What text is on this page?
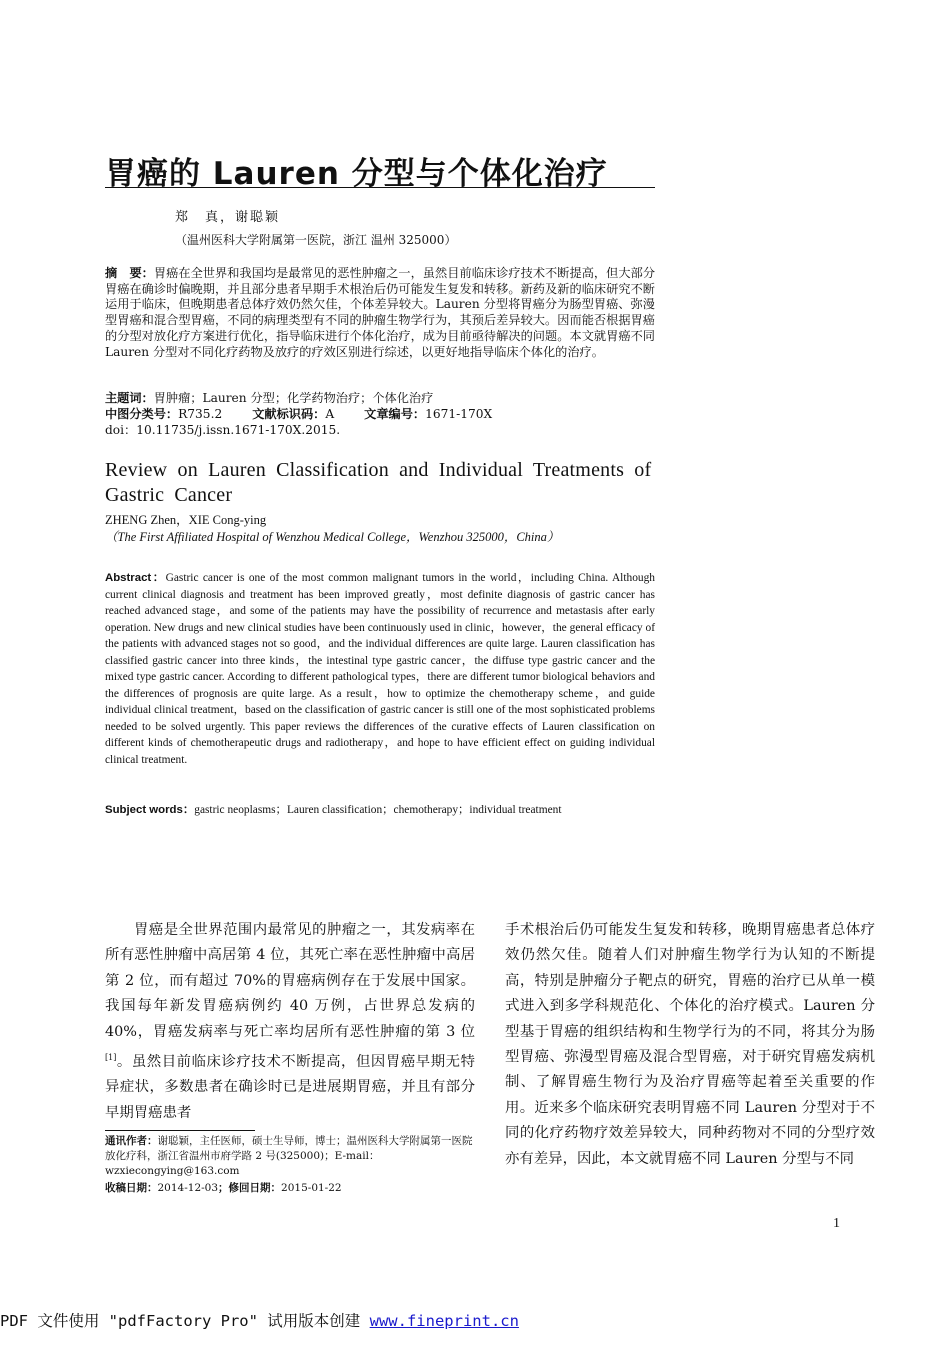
胃癌的 Lauren 分型与个体化治疗
郑　真，谢聪颖
（温州医科大学附属第一医院，浙江 温州 325000）
摘　要：胃癌在全世界和我国均是最常见的恶性肿瘤之一，虽然目前临床诊疗技术不断提高，但大部分胃癌在确诊时偏晚期，并且部分患者早期手术根治后仍可能发生复发和转移。新药及新的临床研究不断运用于临床，但晚期患者总体疗效仍然欠佳，个体差异较大。Lauren 分型将胃癌分为肠型胃癌、弥漫型胃癌和混合型胃癌，不同的病理类型有不同的肿瘤生物学行为，其预后差异较大。因而能否根据胃癌的分型对放化疗方案进行优化，指导临床进行个体化治疗，成为目前亟待解决的问题。本文就胃癌不同 Lauren 分型对不同化疗药物及放疗的疗效区别进行综述，以更好地指导临床个体化的治疗。
主题词：胃肿瘤；Lauren 分型；化学药物治疗；个体化治疗
中图分类号：R735.2 文献标识码：A 文章编号：1671-170X
doi：10.11735/j.issn.1671-170X.2015.
Review on Lauren Classification and Individual Treatments of Gastric Cancer
ZHENG Zhen，XIE Cong-ying
（The First Affiliated Hospital of Wenzhou Medical College，Wenzhou 325000，China）
Abstract：Gastric cancer is one of the most common malignant tumors in the world，including China. Although current clinical diagnosis and treatment has been improved greatly，most definite diagnosis of gastric cancer has reached advanced stage，and some of the patients may have the possibility of recurrence and metastasis after early operation. New drugs and new clinical studies have been continuously used in clinic，however，the general efficacy of the patients with advanced stages not so good，and the individual differences are quite large. Lauren classification has classified gastric cancer into three kinds，the intestinal type gastric cancer，the diffuse type gastric cancer and the mixed type gastric cancer. According to different pathological types，there are different tumor biological behaviors and the differences of prognosis are quite large. As a result，how to optimize the chemotherapy scheme，and guide individual clinical treatment，based on the classification of gastric cancer is still one of the most sophisticated problems needed to be solved urgently. This paper reviews the differences of the curative effects of Lauren classification on different kinds of chemotherapeutic drugs and radiotherapy，and hope to have efficient effect on guiding individual clinical treatment.
Subject words：gastric neoplasms；Lauren classification；chemotherapy；individual treatment
胃癌是全世界范围内最常见的肿瘤之一，其发病率在所有恶性肿瘤中高居第 4 位，其死亡率在恶性肿瘤中高居第 2 位，而有超过 70%的胃癌病例存在于发展中国家。我国每年新发胃癌病例约 40 万例，占世界总发病的 40%，胃癌发病率与死亡率均居所有恶性肿瘤的第 3 位[1]。虽然目前临床诊疗技术不断提高，但因胃癌早期无特异症状，多数患者在确诊时已是进展期胃癌，并且有部分早期胃癌患者
手术根治后仍可能发生复发和转移，晚期胃癌患者总体疗效仍然欠佳。随着人们对肿瘤生物学行为认知的不断提高，特别是肿瘤分子靶点的研究，胃癌的治疗已从单一模式进入到多学科规范化、个体化的治疗模式。Lauren 分型基于胃癌的组织结构和生物学行为的不同，将其分为肠型胃癌、弥漫型胃癌及混合型胃癌，对于研究胃癌发病机制、了解胃癌生物行为及治疗胃癌等起着至关重要的作用。近来多个临床研究表明胃癌不同 Lauren 分型对于不同的化疗药物疗效差异较大，同种药物对不同的分型疗效亦有差异，因此，本文就胃癌不同 Lauren 分型与不同
通讯作者：谢聪颖，主任医师，硕士生导师，博士；温州医科大学附属第一医院放化疗科，浙江省温州市府学路 2 号(325000)；E-mail：wzxiecongying@163.com
收稿日期：2014-12-03；修回日期：2015-01-22
1
PDF 文件使用 "pdfFactory Pro" 试用版本创建 www.fineprint.cn
